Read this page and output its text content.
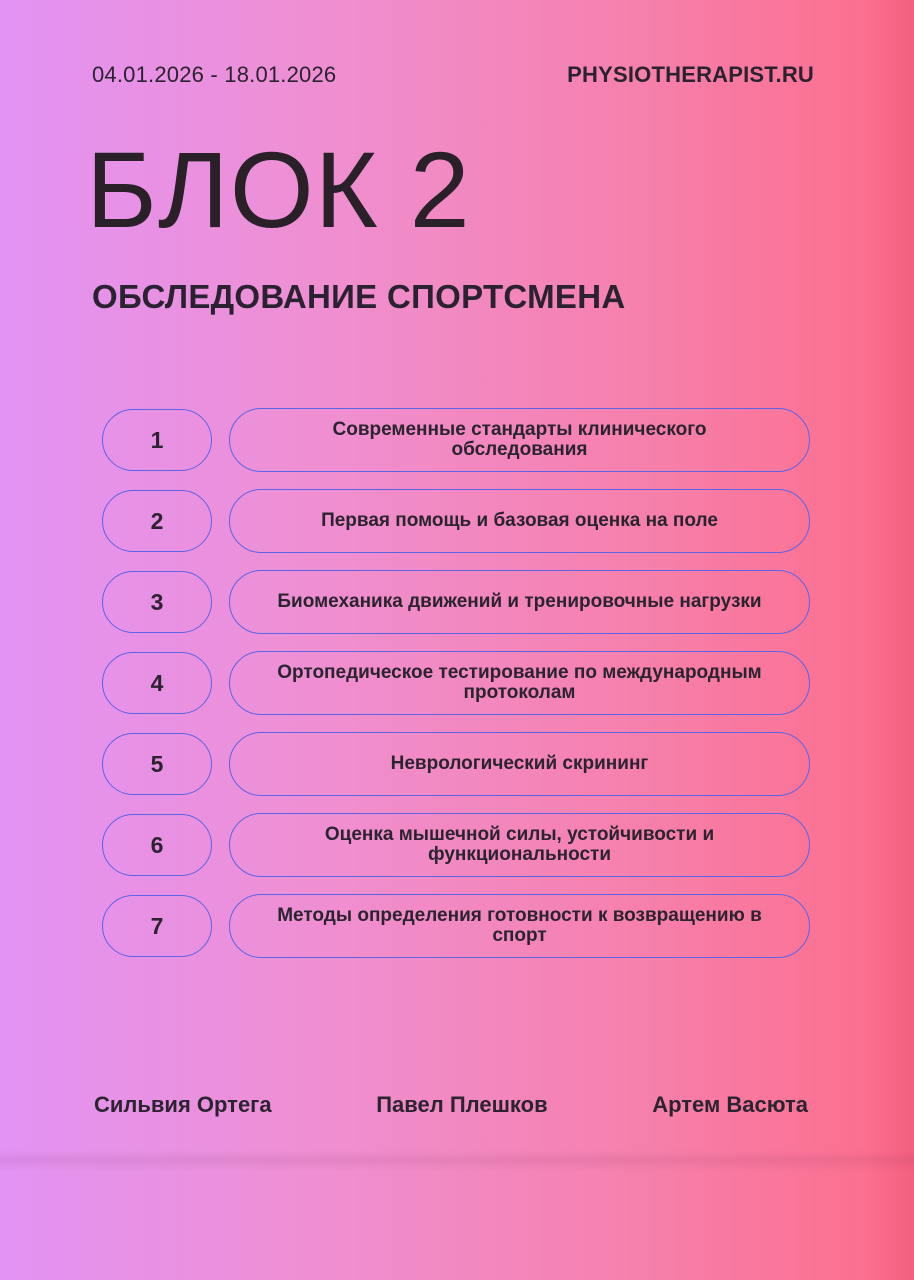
04.01.2026 - 18.01.2026	PHYSIOTHERAPIST.RU
БЛОК 2
ОБСЛЕДОВАНИЕ СПОРТСМЕНА
1	Современные стандарты клинического обследования
2	Первая помощь и базовая оценка на поле
3	Биомеханика движений и тренировочные нагрузки
4	Ортопедическое тестирование по международным протоколам
5	Неврологический скрининг
6	Оценка мышечной силы, устойчивости и функциональности
7	Методы определения готовности к возвращению в спорт
Сильвия Ортега	Павел Плешков	Артем Васюта
